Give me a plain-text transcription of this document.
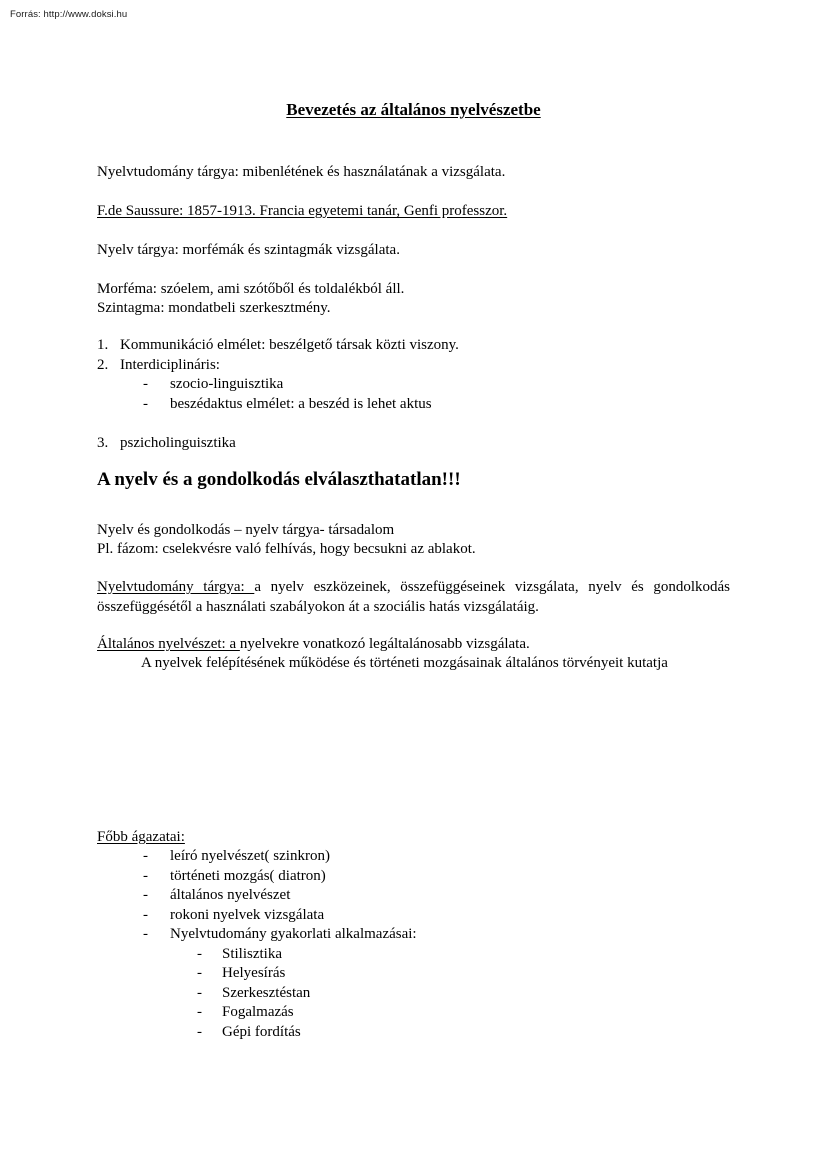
Forrás: http://www.doksi.hu
Bevezetés az általános nyelvészetbe
Nyelvtudomány tárgya: mibenlétének és használatának a vizsgálata.
F.de Saussure: 1857-1913. Francia egyetemi tanár, Genfi professzor.
Nyelv tárgya: morfémák és szintagmák vizsgálata.
Morféma: szóelem, ami szótőből és toldalékból áll.
Szintagma: mondatbeli szerkesztmény.
1. Kommunikáció elmélet: beszélgető társak közti viszony.
2. Interdiciplináris:
-	szocio-linguisztika
-	beszédaktus elmélet: a beszéd is lehet aktus
3. pszicholinguisztika
A nyelv és a gondolkodás elválaszthatatlan!!!
Nyelv és gondolkodás – nyelv tárgya- társadalom
Pl. fázom: cselekvésre való felhívás, hogy becsukni az ablakot.
Nyelvtudomány tárgya: a nyelv eszközeinek, összefüggéseinek vizsgálata, nyelv és gondolkodás összefüggésétől a használati szabályokon át a szociális hatás vizsgálatáig.
Általános nyelvészet: a nyelvekre vonatkozó legáltalánosabb vizsgálata.
A nyelvek felépítésének működése és történeti mozgásainak általános törvényeit kutatja
Főbb ágazatai:
-	leíró nyelvészet( szinkron)
-	történeti mozgás( diatron)
-	általános nyelvészet
-	rokoni nyelvek vizsgálata
-	Nyelvtudomány gyakorlati alkalmazásai:
-	Stilisztika
-	Helyesírás
-	Szerkesztéstan
-	Fogalmazás
-	Gépi fordítás
